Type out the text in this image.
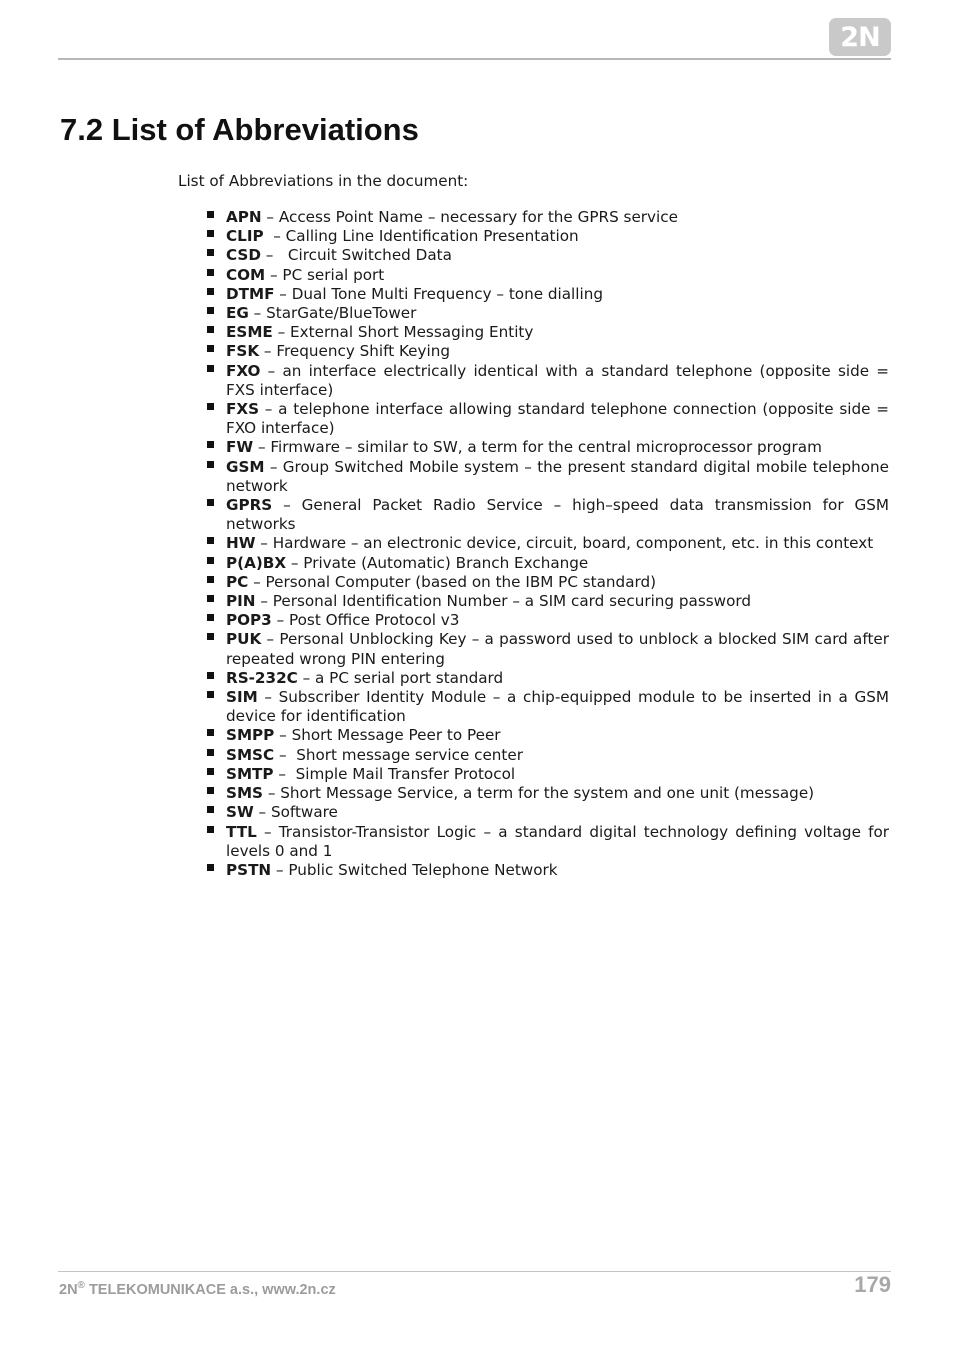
2N
7.2 List of Abbreviations

List of Abbreviations in the document:

APN – Access Point Name – necessary for the GPRS service
CLIP  – Calling Line Identification Presentation
CSD –   Circuit Switched Data
COM – PC serial port
DTMF – Dual Tone Multi Frequency – tone dialling
EG – StarGate/BlueTower
ESME – External Short Messaging Entity
FSK – Frequency Shift Keying
FXO – an interface electrically identical with a standard telephone (opposite side = FXS interface)
FXS – a telephone interface allowing standard telephone connection (opposite side = FXO interface)
FW – Firmware – similar to SW, a term for the central microprocessor program
GSM – Group Switched Mobile system – the present standard digital mobile telephone network
GPRS – General Packet Radio Service – high–speed data transmission for GSM networks
HW – Hardware – an electronic device, circuit, board, component, etc. in this context
P(A)BX – Private (Automatic) Branch Exchange
PC – Personal Computer (based on the IBM PC standard)
PIN – Personal Identification Number – a SIM card securing password
POP3 – Post Office Protocol v3
PUK – Personal Unblocking Key – a password used to unblock a blocked SIM card after repeated wrong PIN entering
RS-232C – a PC serial port standard
SIM – Subscriber Identity Module – a chip-equipped module to be inserted in a GSM device for identification
SMPP – Short Message Peer to Peer
SMSC –  Short message service center
SMTP –  Simple Mail Transfer Protocol
SMS – Short Message Service, a term for the system and one unit (message)
SW – Software
TTL – Transistor-Transistor Logic – a standard digital technology defining voltage for levels 0 and 1
PSTN – Public Switched Telephone Network
2N® TELEKOMUNIKACE a.s., www.2n.cz	179
